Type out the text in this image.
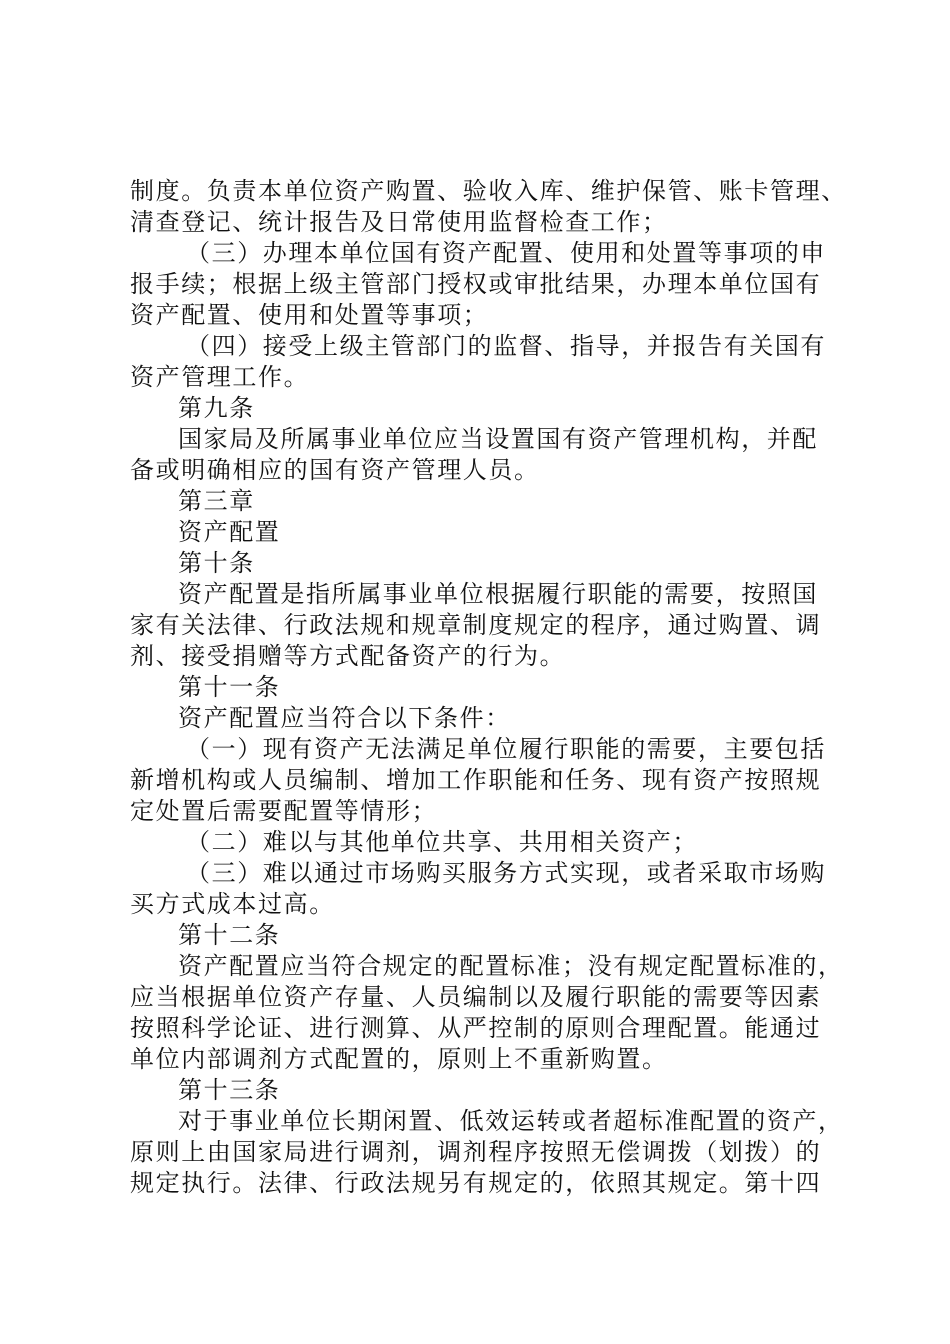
制度。负责本单位资产购置、验收入库、维护保管、账卡管理、
清查登记、统计报告及日常使用监督检查工作；
（三）办理本单位国有资产配置、使用和处置等事项的申
报手续；根据上级主管部门授权或审批结果，办理本单位国有
资产配置、使用和处置等事项；
（四）接受上级主管部门的监督、指导，并报告有关国有
资产管理工作。
第九条
国家局及所属事业单位应当设置国有资产管理机构，并配
备或明确相应的国有资产管理人员。
第三章
资产配置
第十条
资产配置是指所属事业单位根据履行职能的需要，按照国
家有关法律、行政法规和规章制度规定的程序，通过购置、调
剂、接受捐赠等方式配备资产的行为。
第十一条
资产配置应当符合以下条件：
（一）现有资产无法满足单位履行职能的需要，主要包括
新增机构或人员编制、增加工作职能和任务、现有资产按照规
定处置后需要配置等情形；
（二）难以与其他单位共享、共用相关资产；
（三）难以通过市场购买服务方式实现，或者采取市场购
买方式成本过高。
第十二条
资产配置应当符合规定的配置标准；没有规定配置标准的，
应当根据单位资产存量、人员编制以及履行职能的需要等因素
按照科学论证、进行测算、从严控制的原则合理配置。能通过
单位内部调剂方式配置的，原则上不重新购置。
第十三条
对于事业单位长期闲置、低效运转或者超标准配置的资产，
原则上由国家局进行调剂，调剂程序按照无偿调拨（划拨）的
规定执行。法律、行政法规另有规定的，依照其规定。第十四
